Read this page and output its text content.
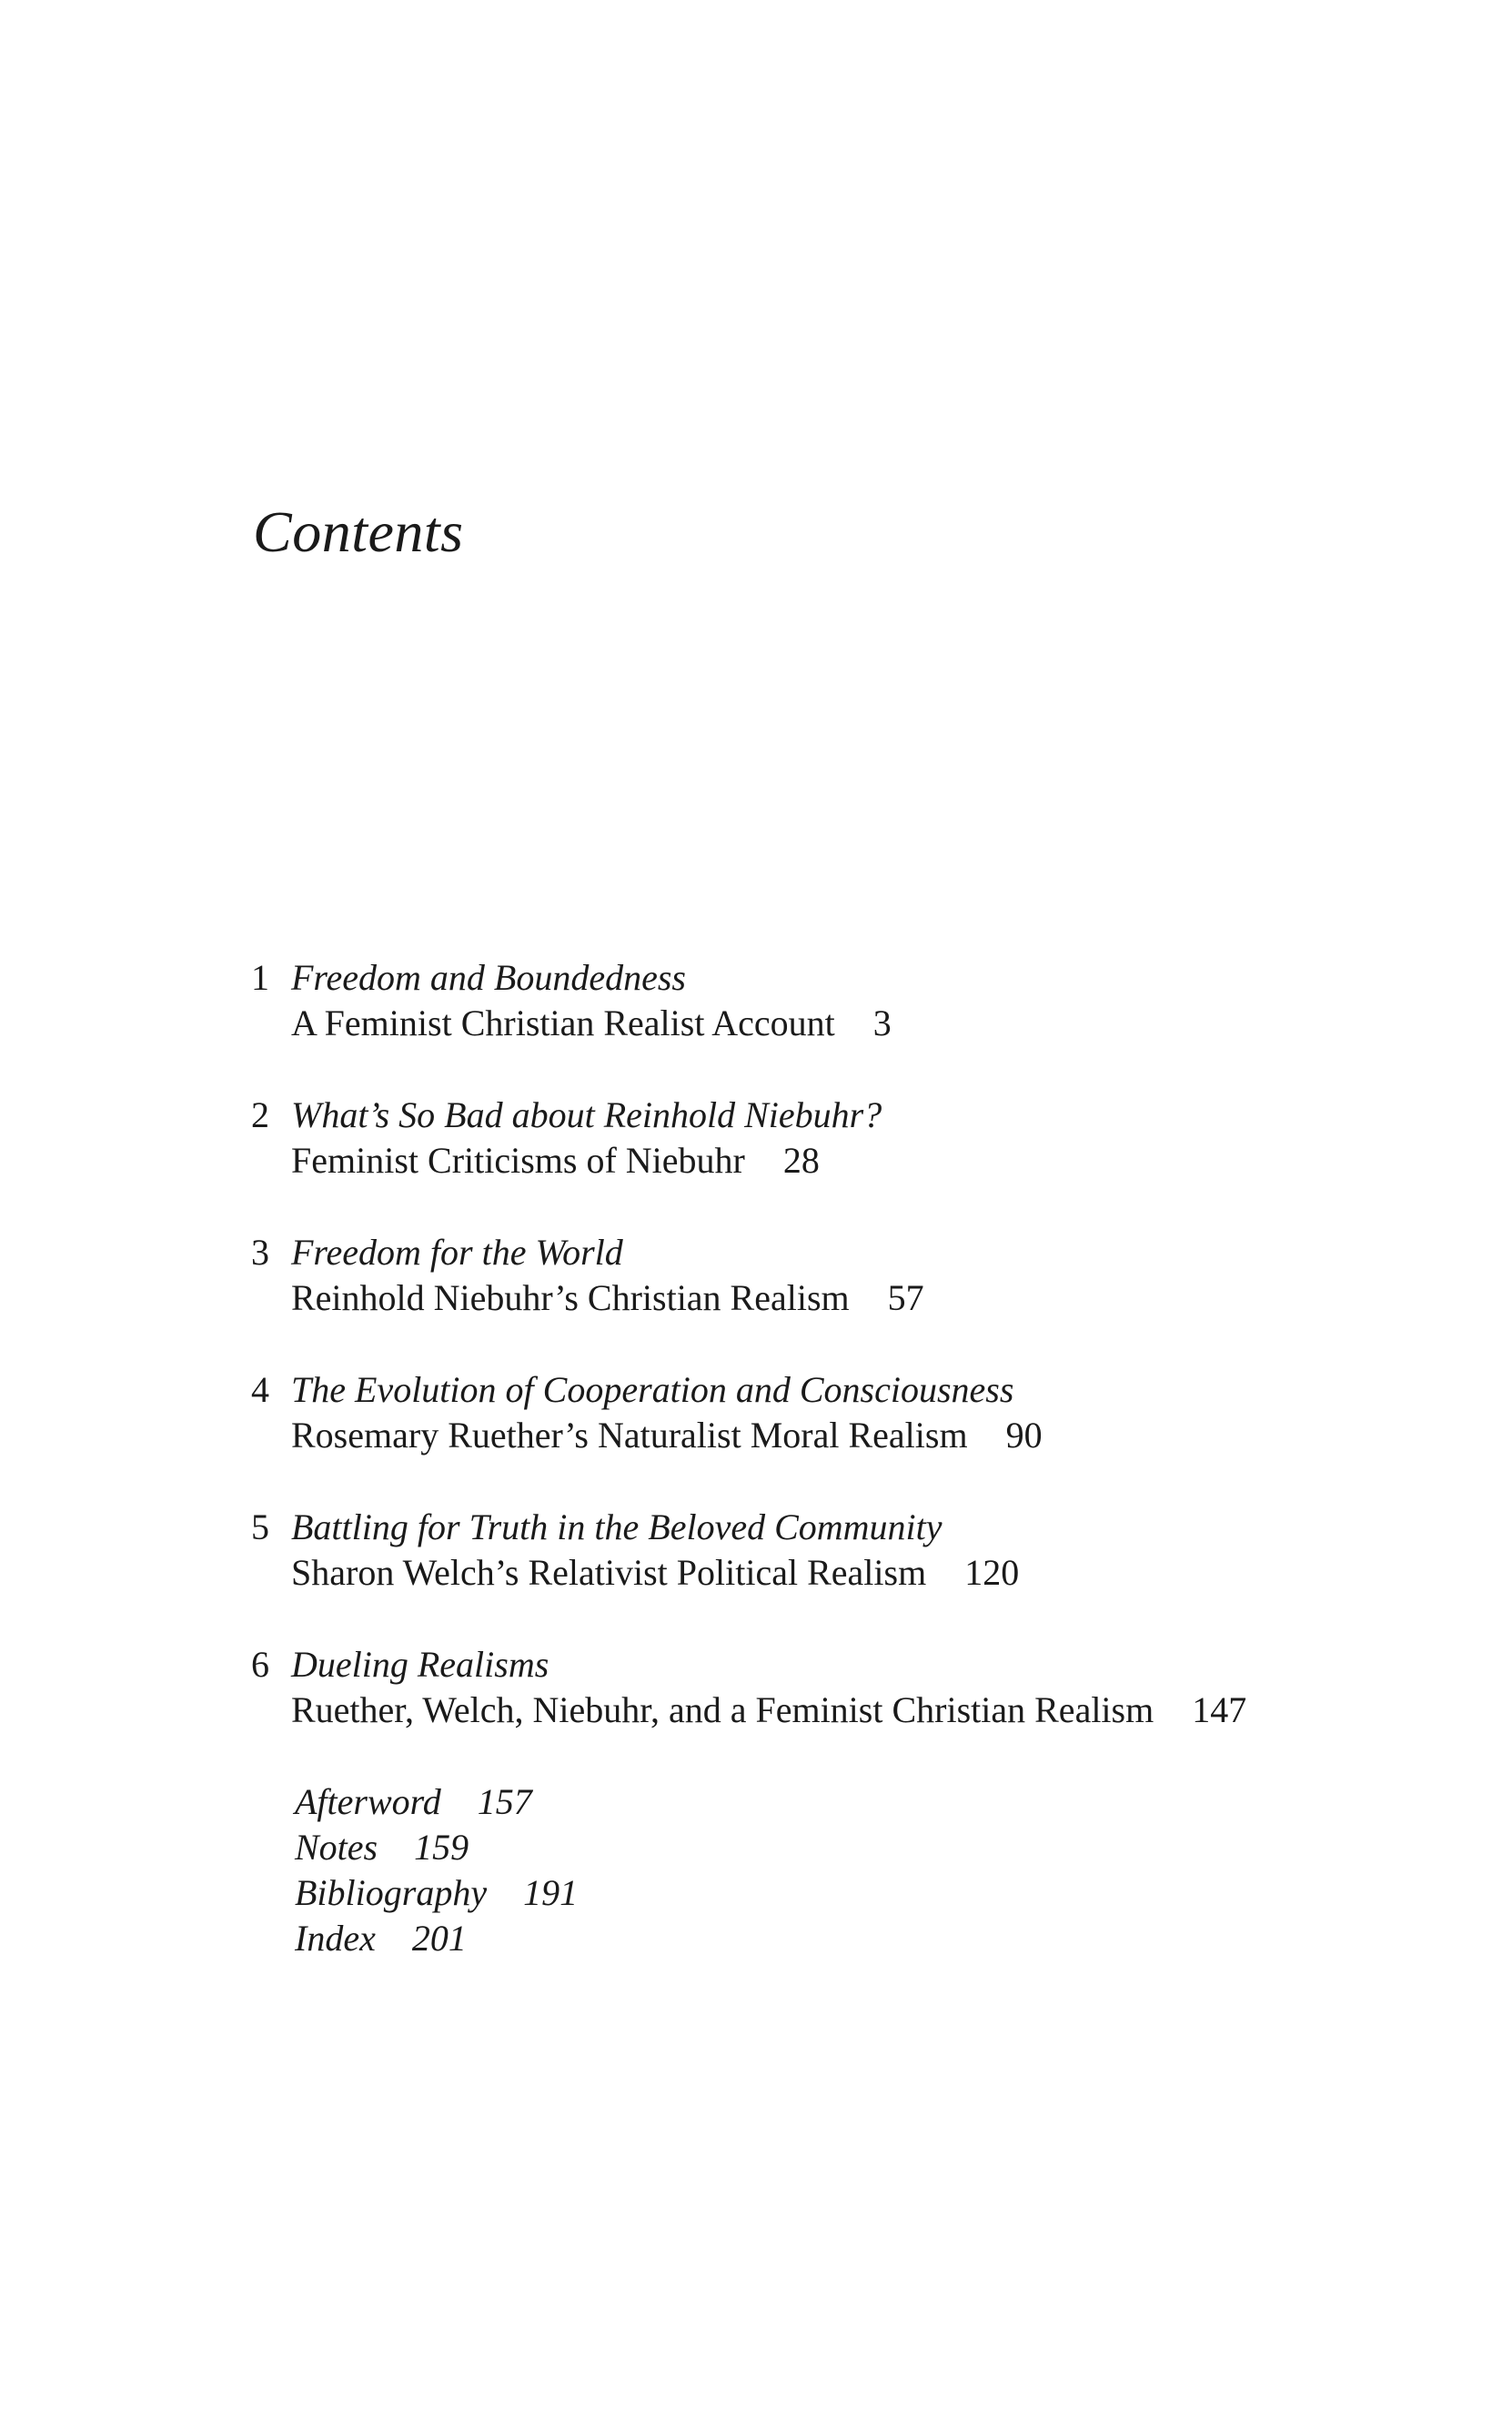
Contents
1 Freedom and Boundedness
A Feminist Christian Realist Account 3
2 What’s So Bad about Reinhold Niebuhr?
Feminist Criticisms of Niebuhr 28
3 Freedom for the World
Reinhold Niebuhr’s Christian Realism 57
4 The Evolution of Cooperation and Consciousness
Rosemary Ruether’s Naturalist Moral Realism 90
5 Battling for Truth in the Beloved Community
Sharon Welch’s Relativist Political Realism 120
6 Dueling Realisms
Ruether, Welch, Niebuhr, and a Feminist Christian Realism 147
Afterword 157
Notes 159
Bibliography 191
Index 201
